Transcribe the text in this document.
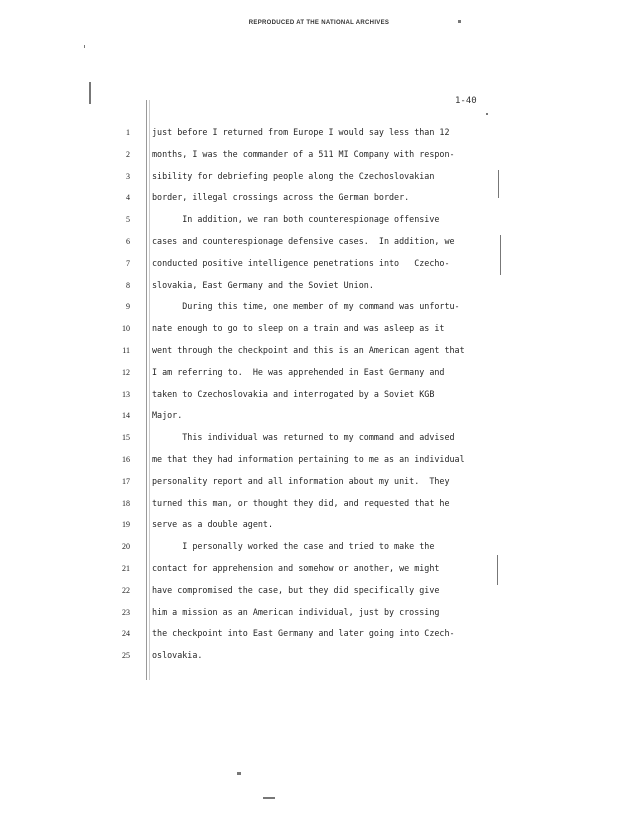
REPRODUCED AT THE NATIONAL ARCHIVES
1-40
1	just before I returned from Europe I would say less than 12
2	months, I was the commander of a 511 MI Company with respon-
3	sibility for debriefing people along the Czechoslovakian
4	border, illegal crossings across the German border.
5	In addition, we ran both counterespionage offensive
6	cases and counterespionage defensive cases.  In addition, we
7	conducted positive intelligence penetrations into   Czecho-
8	slovakia, East Germany and the Soviet Union.
9	During this time, one member of my command was unfortu-
10	nate enough to go to sleep on a train and was asleep as it
11	went through the checkpoint and this is an American agent that
12	I am referring to.  He was apprehended in East Germany and
13	taken to Czechoslovakia and interrogated by a Soviet KGB
14	Major.
15	This individual was returned to my command and advised
16	me that they had information pertaining to me as an individual
17	personality report and all information about my unit.  They
18	turned this man, or thought they did, and requested that he
19	serve as a double agent.
20	I personally worked the case and tried to make the
21	contact for apprehension and somehow or another, we might
22	have compromised the case, but they did specifically give
23	him a mission as an American individual, just by crossing
24	the checkpoint into East Germany and later going into Czech-
25	oslovakia.
